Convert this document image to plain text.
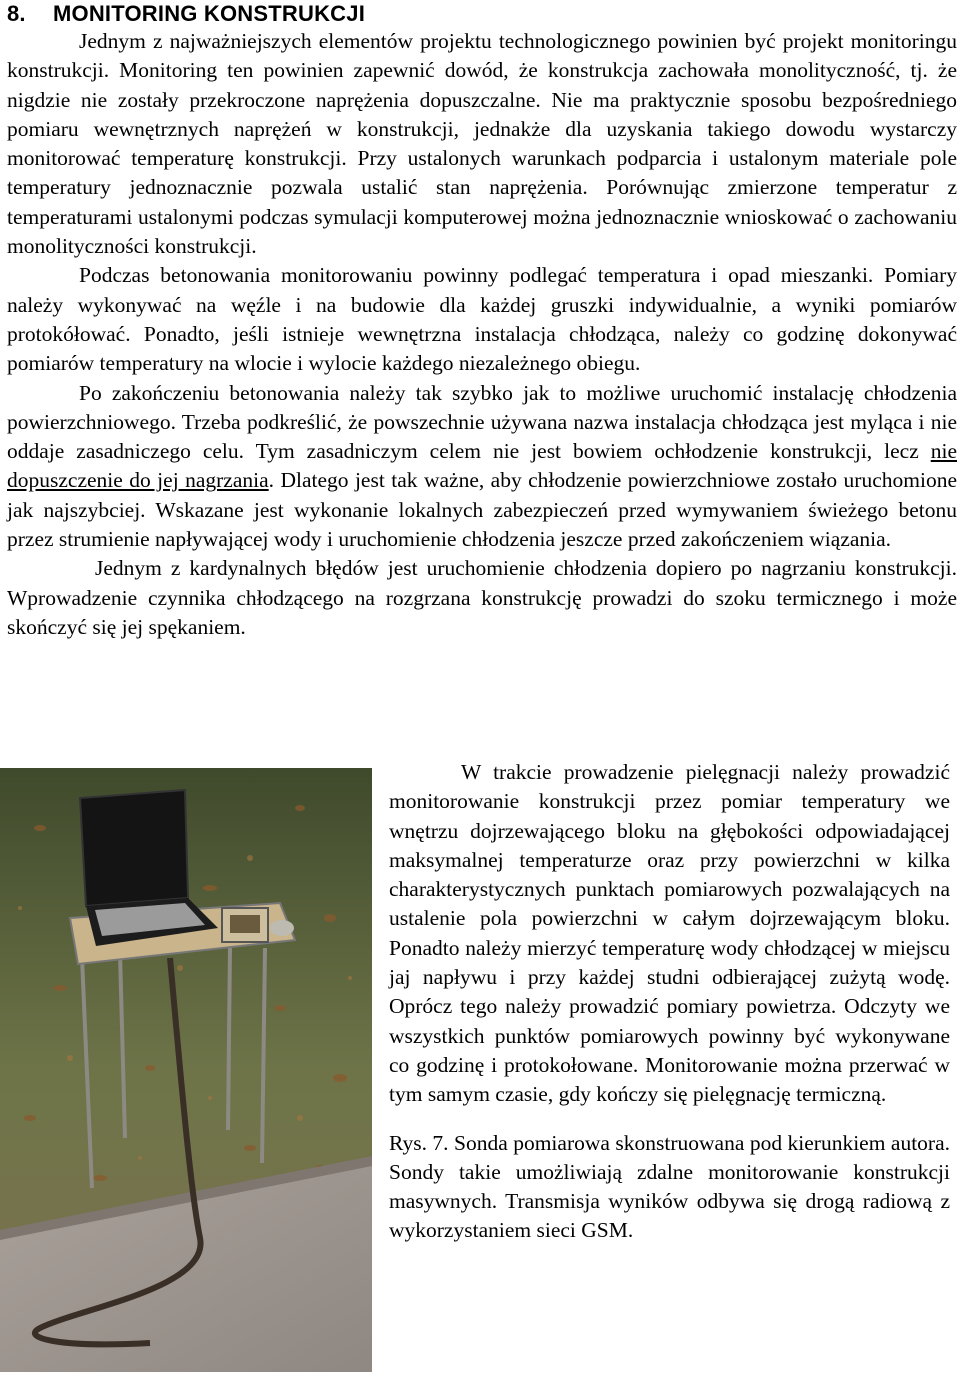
8. MONITORING KONSTRUKCJI

Jednym z najważniejszych elementów projektu technologicznego powinien być projekt monitoringu konstrukcji. Monitoring ten powinien zapewnić dowód, że konstrukcja zachowała monolityczność, tj. że nigdzie nie zostały przekroczone naprężenia dopuszczalne. Nie ma praktycznie sposobu bezpośredniego pomiaru wewnętrznych naprężeń w konstrukcji, jednakże dla uzyskania takiego dowodu wystarczy monitorować temperaturę konstrukcji. Przy ustalonych warunkach podparcia i ustalonym materiale pole temperatury jednoznacznie pozwala ustalić stan naprężenia. Porównując zmierzone temperatur z temperaturami ustalonymi podczas symulacji komputerowej można jednoznacznie wnioskować o zachowaniu monolityczności konstrukcji.

Podczas betonowania monitorowaniu powinny podlegać temperatura i opad mieszanki. Pomiary należy wykonywać na węźle i na budowie dla każdej gruszki indywidualnie, a wyniki pomiarów protokółować. Ponadto, jeśli istnieje wewnętrzna instalacja chłodząca, należy co godzinę dokonywać pomiarów temperatury na wlocie i wylocie każdego niezależnego obiegu.

Po zakończeniu betonowania należy tak szybko jak to możliwe uruchomić instalację chłodzenia powierzchniowego. Trzeba podkreślić, że powszechnie używana nazwa instalacja chłodząca jest myląca i nie oddaje zasadniczego celu. Tym zasadniczym celem nie jest bowiem ochłodzenie konstrukcji, lecz nie dopuszczenie do jej nagrzania. Dlatego jest tak ważne, aby chłodzenie powierzchniowe zostało uruchomione jak najszybciej. Wskazane jest wykonanie lokalnych zabezpieczeń przed wymywaniem świeżego betonu przez strumienie napływającej wody i uruchomienie chłodzenia jeszcze przed zakończeniem wiązania.

Jednym z kardynalnych błędów jest uruchomienie chłodzenia dopiero po nagrzaniu konstrukcji. Wprowadzenie czynnika chłodzącego na rozgrzana konstrukcję prowadzi do szoku termicznego i może skończyć się jej spękaniem.

W trakcie prowadzenie pielęgnacji należy prowadzić monitorowanie konstrukcji przez pomiar temperatury we wnętrzu dojrzewającego bloku na głębokości odpowiadającej maksymalnej temperaturze oraz przy powierzchni w kilka charakterystycznych punktach pomiarowych pozwalających na ustalenie pola powierzchni w całym dojrzewającym bloku. Ponadto należy mierzyć temperaturę wody chłodzącej w miejscu jaj napływu i przy każdej studni odbierającej zużytą wodę. Oprócz tego należy prowadzić pomiary powietrza. Odczyty we wszystkich punktów pomiarowych powinny być wykonywane co godzinę i protokołowane. Monitorowanie można przerwać w tym samym czasie, gdy kończy się pielęgnację termiczną.

Rys. 7. Sonda pomiarowa skonstruowana pod kierunkiem autora. Sondy takie umożliwiają zdalne monitorowanie konstrukcji masywnych. Transmisja wyników odbywa się drogą radiową z wykorzystaniem sieci GSM.
